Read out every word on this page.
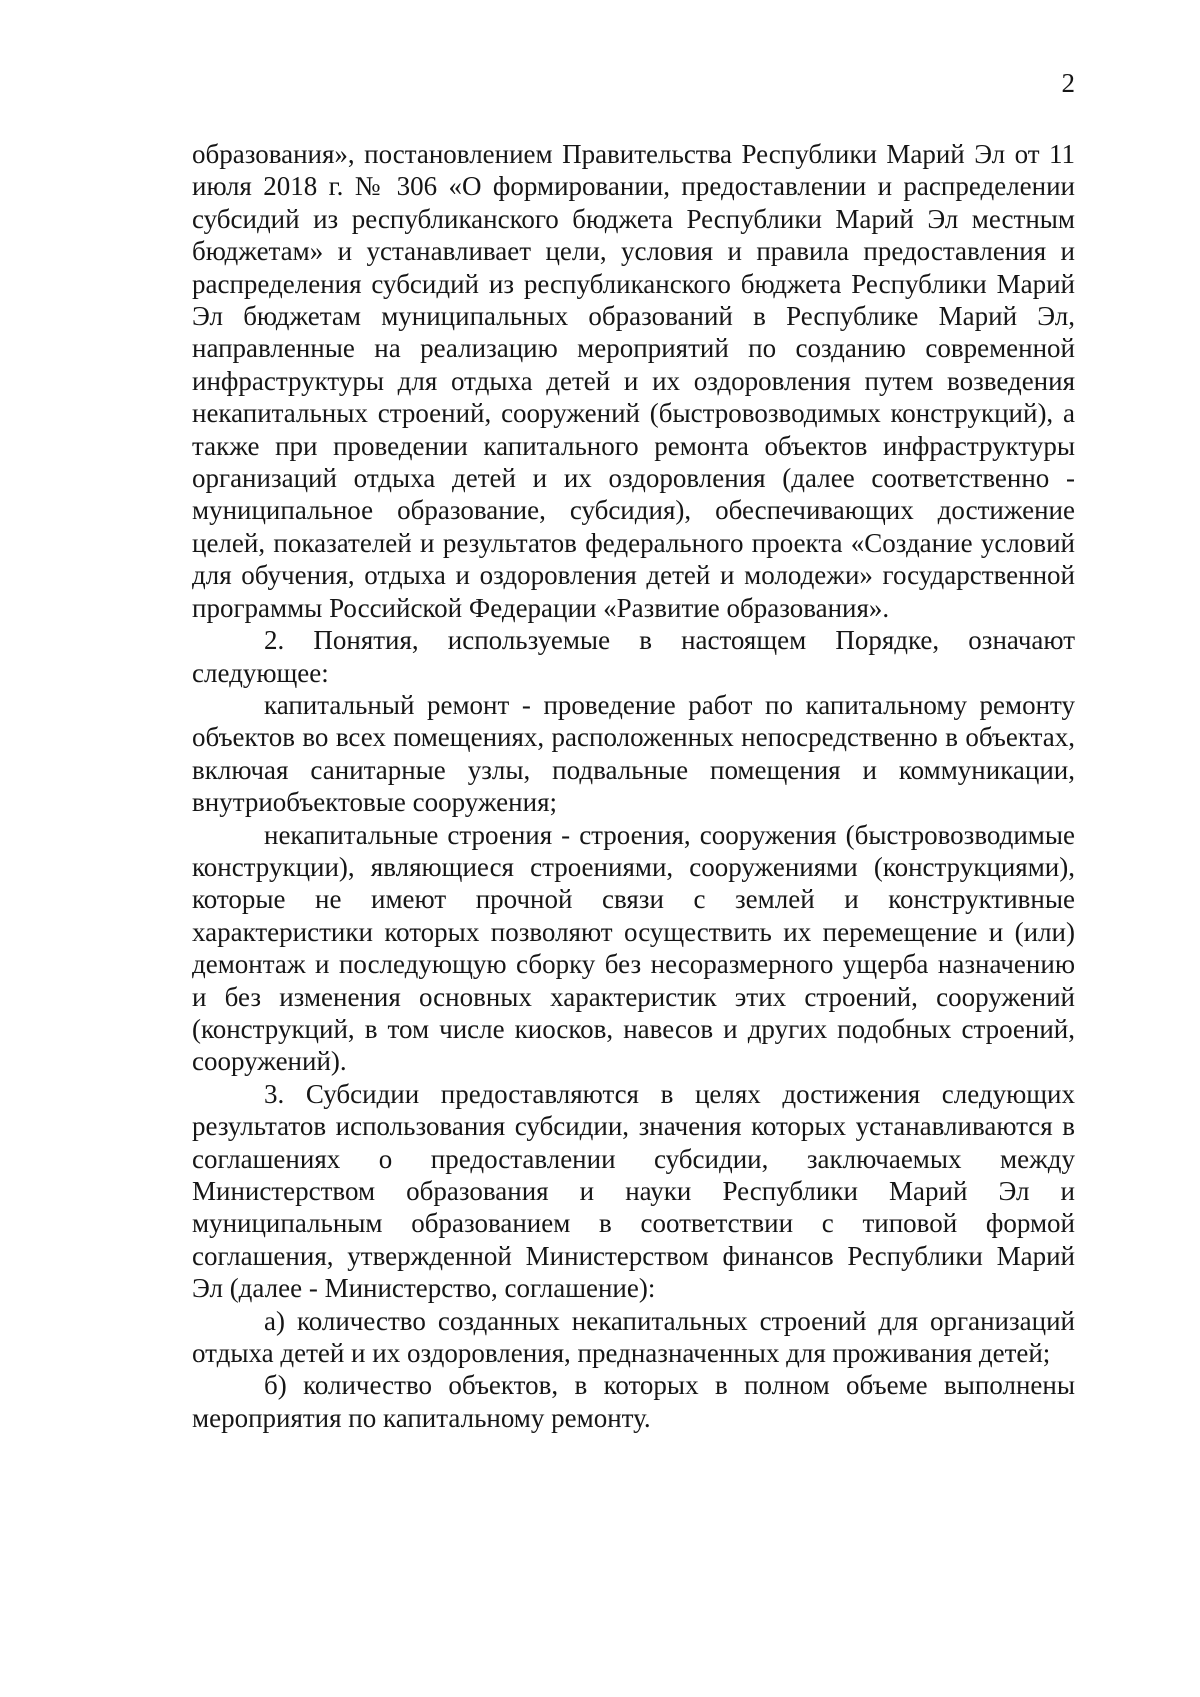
2

образования», постановлением Правительства Республики Марий Эл от 11 июля 2018 г. № 306 «О формировании, предоставлении и распределении субсидий из республиканского бюджета Республики Марий Эл местным бюджетам» и устанавливает цели, условия и правила предоставления и распределения субсидий из республиканского бюджета Республики Марий Эл бюджетам муниципальных образований в Республике Марий Эл, направленные на реализацию мероприятий по созданию современной инфраструктуры для отдыха детей и их оздоровления путем возведения некапитальных строений, сооружений (быстровозводимых конструкций), а также при проведении капитального ремонта объектов инфраструктуры организаций отдыха детей и их оздоровления (далее соответственно - муниципальное образование, субсидия), обеспечивающих достижение целей, показателей и результатов федерального проекта «Создание условий для обучения, отдыха и оздоровления детей и молодежи» государственной программы Российской Федерации «Развитие образования».

2. Понятия, используемые в настоящем Порядке, означают следующее:

капитальный ремонт - проведение работ по капитальному ремонту объектов во всех помещениях, расположенных непосредственно в объектах, включая санитарные узлы, подвальные помещения и коммуникации, внутриобъектовые сооружения;

некапитальные строения - строения, сооружения (быстровозводимые конструкции), являющиеся строениями, сооружениями (конструкциями), которые не имеют прочной связи с землей и конструктивные характеристики которых позволяют осуществить их перемещение и (или) демонтаж и последующую сборку без несоразмерного ущерба назначению и без изменения основных характеристик этих строений, сооружений (конструкций, в том числе киосков, навесов и других подобных строений, сооружений).

3. Субсидии предоставляются в целях достижения следующих результатов использования субсидии, значения которых устанавливаются в соглашениях о предоставлении субсидии, заключаемых между Министерством образования и науки Республики Марий Эл и муниципальным образованием в соответствии с типовой формой соглашения, утвержденной Министерством финансов Республики Марий Эл (далее - Министерство, соглашение):

а) количество созданных некапитальных строений для организаций отдыха детей и их оздоровления, предназначенных для проживания детей;

б) количество объектов, в которых в полном объеме выполнены мероприятия по капитальному ремонту.
